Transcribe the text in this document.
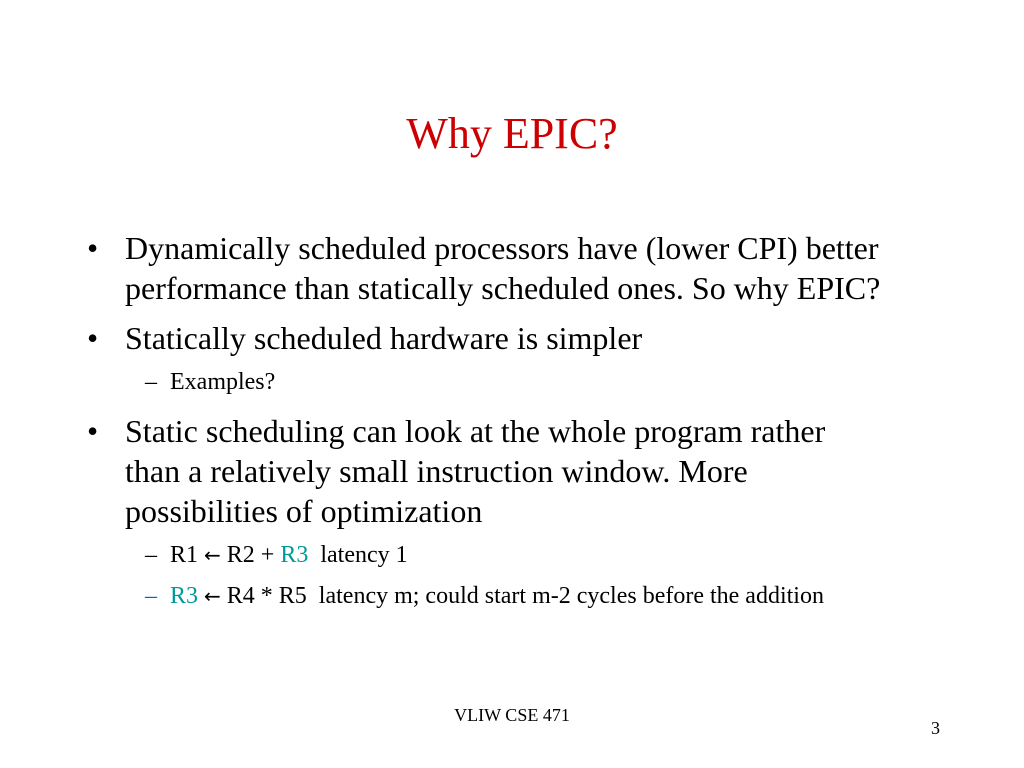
Why EPIC?
• Dynamically scheduled processors have (lower CPI) better performance than statically scheduled ones. So why EPIC?
• Statically scheduled hardware is simpler
– Examples?
• Static scheduling can look at the whole program rather than a relatively small instruction window. More possibilities of optimization
– R1 ← R2 + R3 latency 1
– R3 ← R4 * R5  latency m; could start m-2 cycles before the addition
VLIW CSE 471
3
